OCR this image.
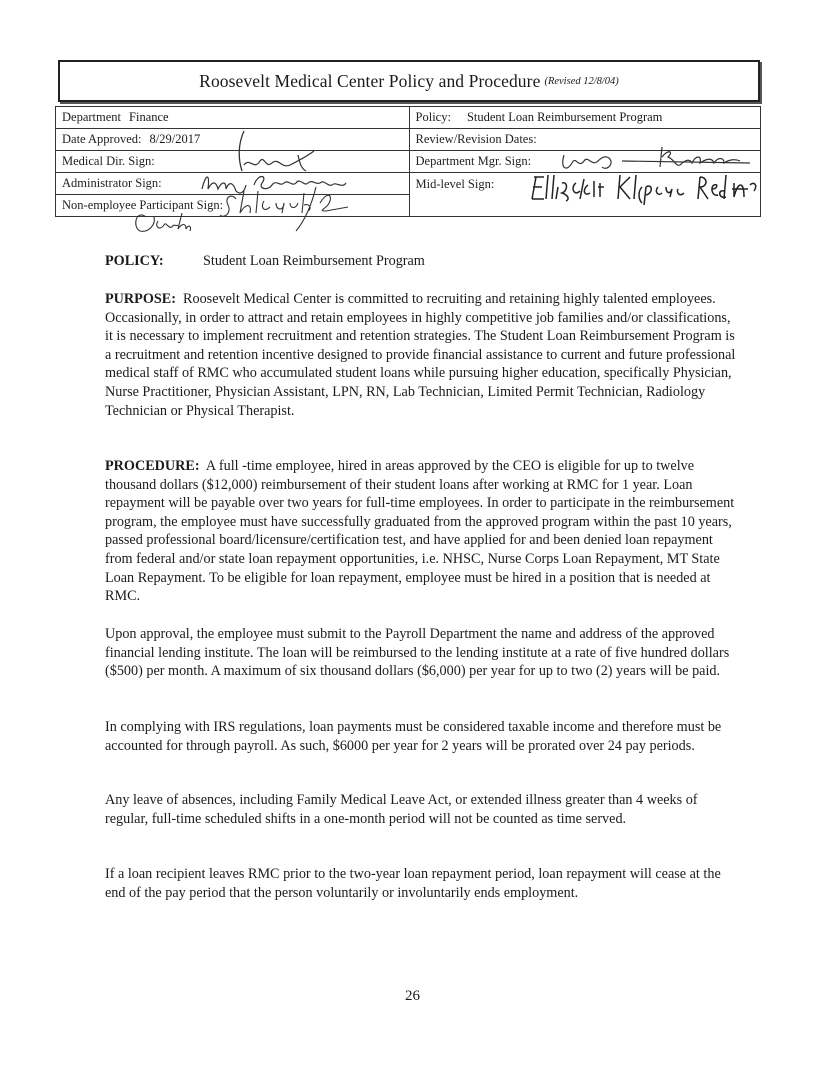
Roosevelt Medical Center Policy and Procedure (Revised 12/8/04)
Department Finance	Policy: Student Loan Reimbursement Program
Date Approved: 8/29/2017	Review/Revision Dates:
Medical Dir. Sign:	Department Mgr. Sign:

Administrator Sign:	Mid-level Sign:

Non-employee Participant Sign:	
POLICY:	Student Loan Reimbursement Program

PURPOSE: Roosevelt Medical Center is committed to recruiting and retaining highly talented employees. Occasionally, in order to attract and retain employees in highly competitive job families and/or classifications, it is necessary to implement recruitment and retention strategies. The Student Loan Reimbursement Program is a recruitment and retention incentive designed to provide financial assistance to current and future professional medical staff of RMC who accumulated student loans while pursuing higher education, specifically Physician, Nurse Practitioner, Physician Assistant, LPN, RN, Lab Technician, Limited Permit Technician, Radiology Technician or Physical Therapist.

PROCEDURE: A full -time employee, hired in areas approved by the CEO is eligible for up to twelve thousand dollars ($12,000) reimbursement of their student loans after working at RMC for 1 year. Loan repayment will be payable over two years for full-time employees. In order to participate in the reimbursement program, the employee must have successfully graduated from the approved program within the past 10 years, passed professional board/licensure/certification test, and have applied for and been denied loan repayment from federal and/or state loan repayment opportunities, i.e. NHSC, Nurse Corps Loan Repayment, MT State Loan Repayment. To be eligible for loan repayment, employee must be hired in a position that is needed at RMC.

Upon approval, the employee must submit to the Payroll Department the name and address of the approved financial lending institute. The loan will be reimbursed to the lending institute at a rate of five hundred dollars ($500) per month. A maximum of six thousand dollars ($6,000) per year for up to two (2) years will be paid.

In complying with IRS regulations, loan payments must be considered taxable income and therefore must be accounted for through payroll. As such, $6000 per year for 2 years will be prorated over 24 pay periods.

Any leave of absences, including Family Medical Leave Act, or extended illness greater than 4 weeks of regular, full-time scheduled shifts in a one-month period will not be counted as time served.

If a loan recipient leaves RMC prior to the two-year loan repayment period, loan repayment will cease at the end of the pay period that the person voluntarily or involuntarily ends employment.

26
